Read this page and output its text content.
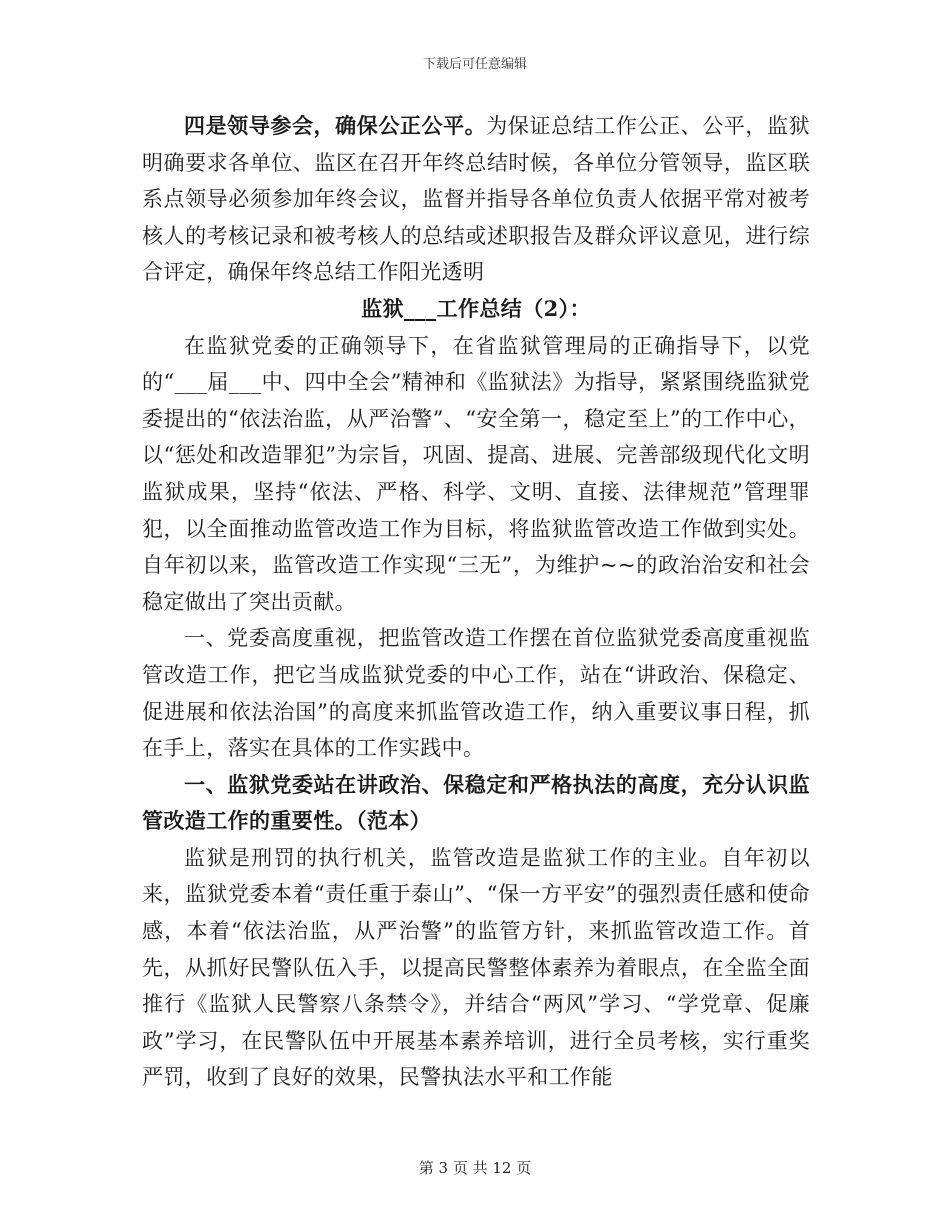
下载后可任意编辑

四是领导参会，确保公正公平。为保证总结工作公正、公平，监狱明确要求各单位、监区在召开年终总结时候，各单位分管领导，监区联系点领导必须参加年终会议，监督并指导各单位负责人依据平常对被考核人的考核记录和被考核人的总结或述职报告及群众评议意见，进行综合评定，确保年终总结工作阳光透明

监狱___工作总结（2）：

在监狱党委的正确领导下，在省监狱管理局的正确指导下，以党的“___届___中、四中全会”精神和《监狱法》为指导，紧紧围绕监狱党委提出的“依法治监，从严治警”、“安全第一，稳定至上”的工作中心，以“惩处和改造罪犯”为宗旨，巩固、提高、进展、完善部级现代化文明监狱成果，坚持“依法、严格、科学、文明、直接、法律规范”管理罪犯，以全面推动监管改造工作为目标，将监狱监管改造工作做到实处。自年初以来，监管改造工作实现“三无”，为维护~~的政治治安和社会稳定做出了突出贡献。

一、党委高度重视，把监管改造工作摆在首位监狱党委高度重视监管改造工作，把它当成监狱党委的中心工作，站在“讲政治、保稳定、促进展和依法治国”的高度来抓监管改造工作，纳入重要议事日程，抓在手上，落实在具体的工作实践中。

一、监狱党委站在讲政治、保稳定和严格执法的高度，充分认识监管改造工作的重要性。（范本）

监狱是刑罚的执行机关，监管改造是监狱工作的主业。自年初以来，监狱党委本着“责任重于泰山”、“保一方平安”的强烈责任感和使命感，本着“依法治监，从严治警”的监管方针，来抓监管改造工作。首先，从抓好民警队伍入手，以提高民警整体素养为着眼点，在全监全面推行《监狱人民警察八条禁令》，并结合“两风”学习、“学党章、促廉政”学习，在民警队伍中开展基本素养培训，进行全员考核，实行重奖严罚，收到了良好的效果，民警执法水平和工作能

第 3 页 共 12 页
